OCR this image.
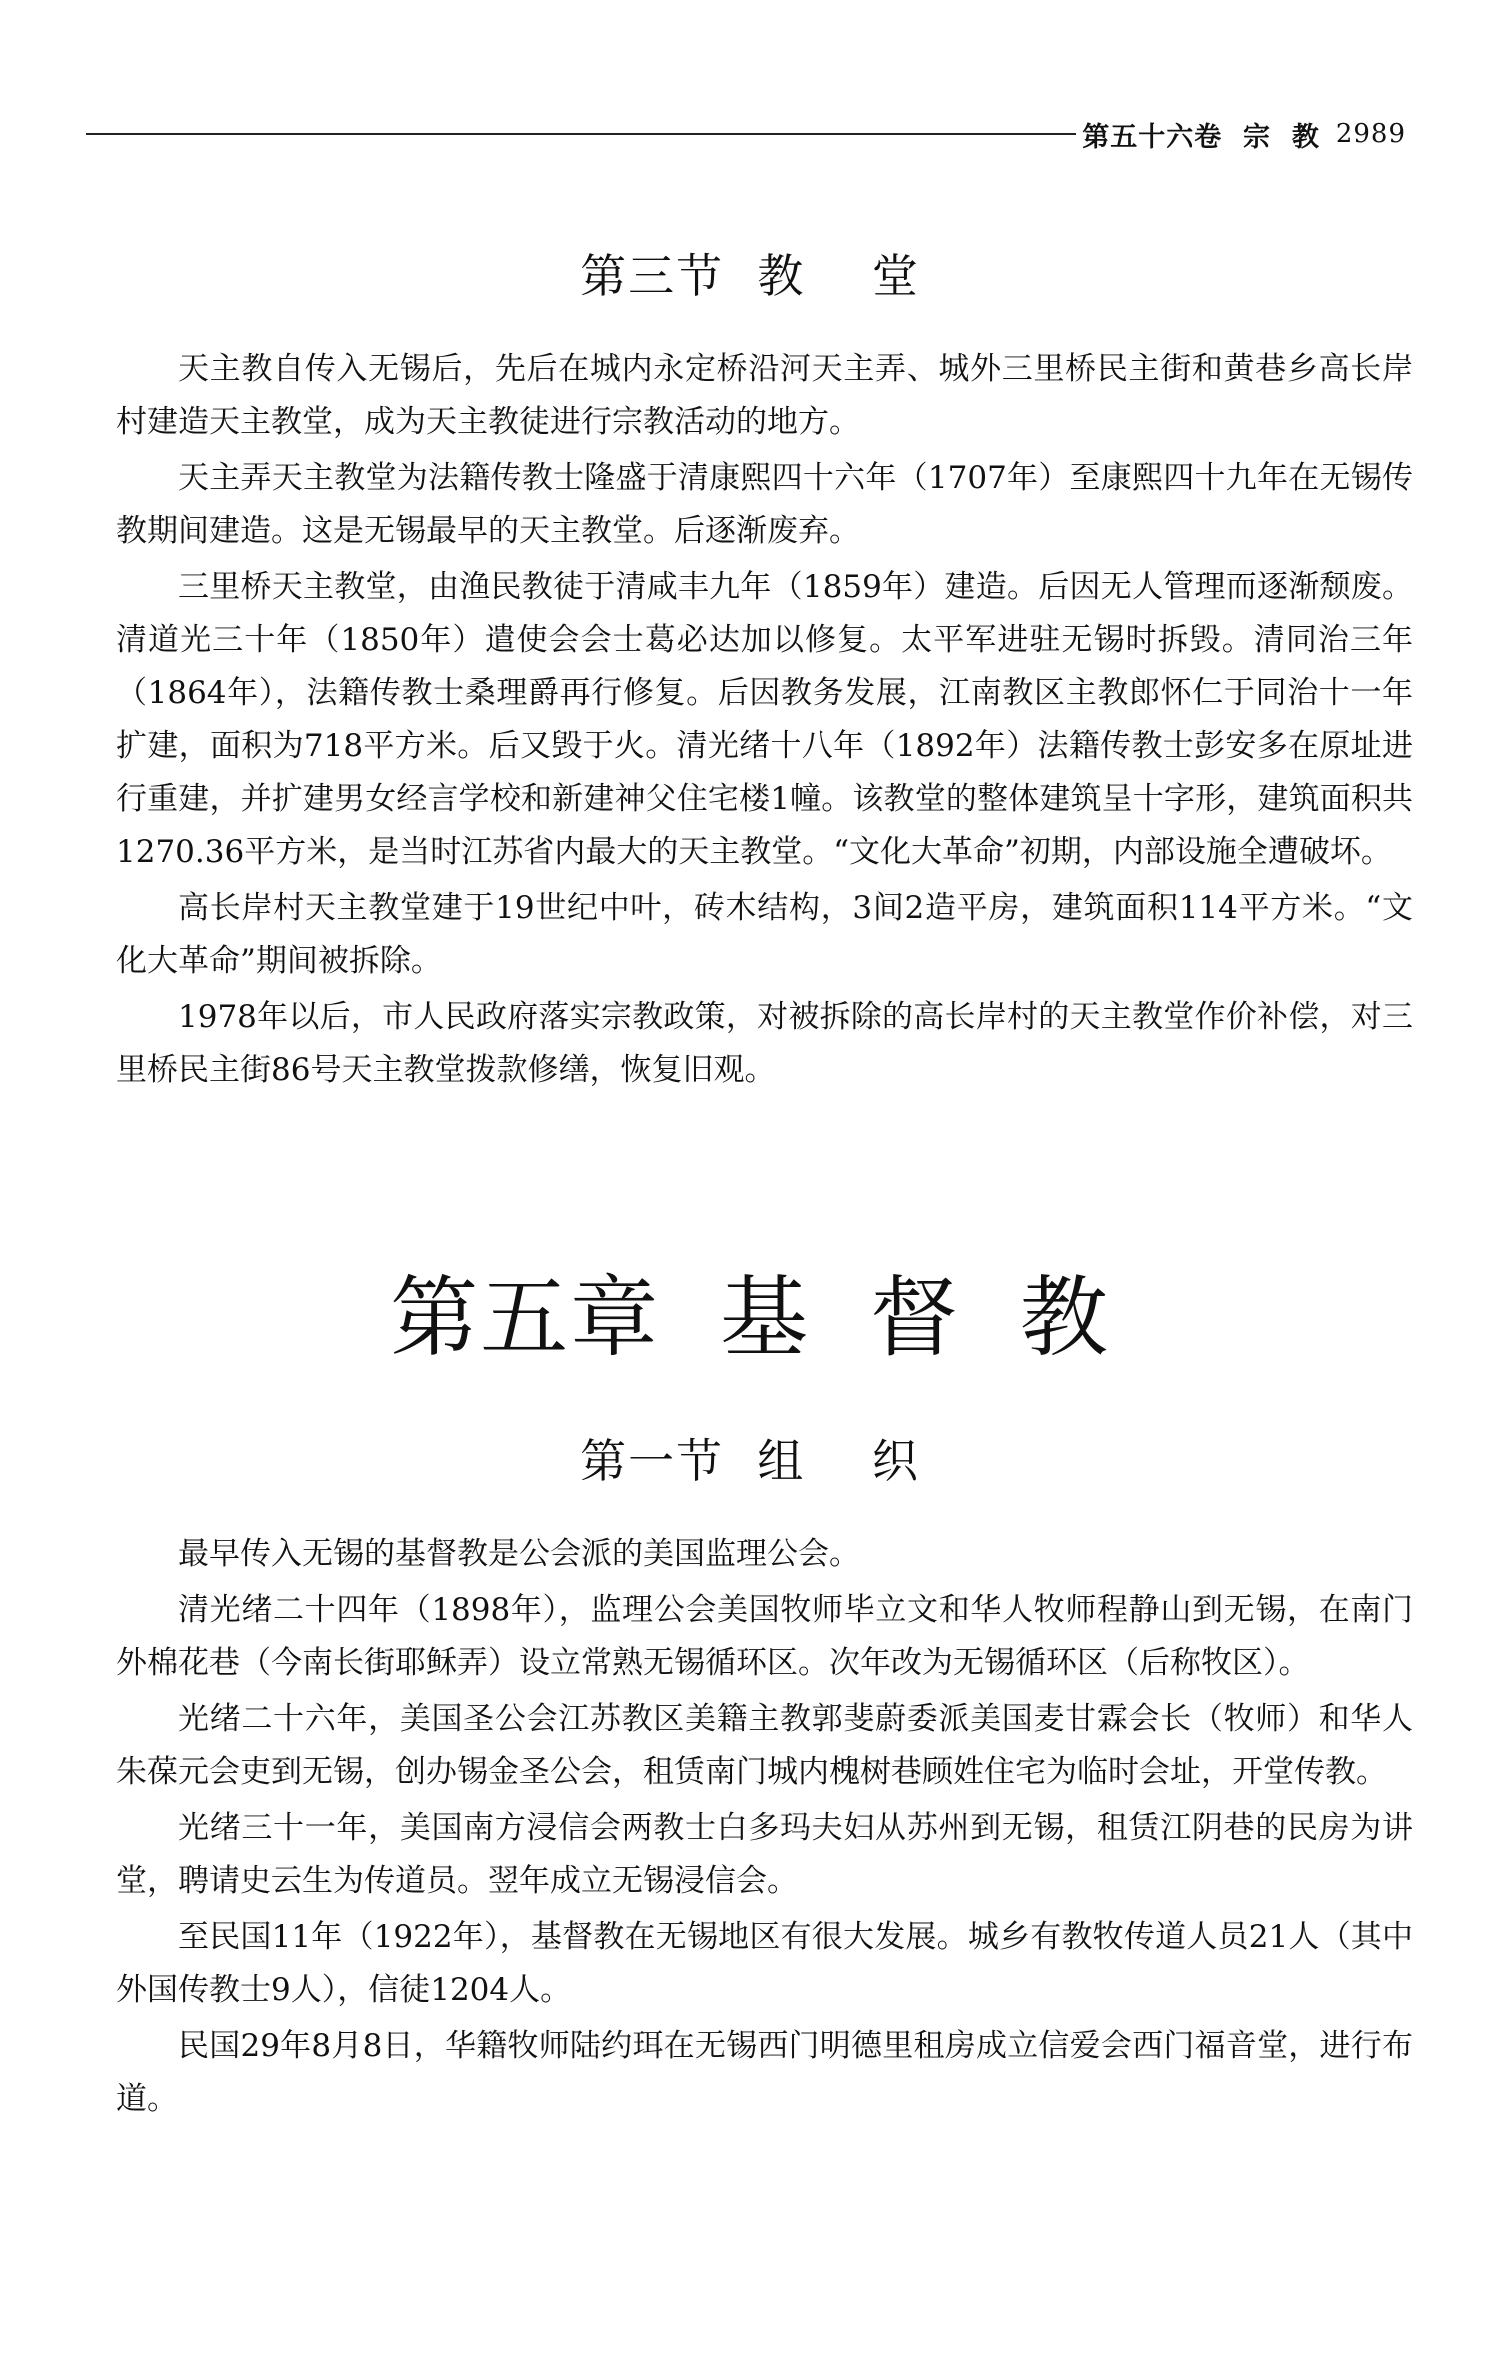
第五十六卷  宗  教 2989
第三节  教    堂

天主教自传入无锡后，先后在城内永定桥沿河天主弄、城外三里桥民主街和黄巷乡高长岸村建造天主教堂，成为天主教徒进行宗教活动的地方。

天主弄天主教堂为法籍传教士隆盛于清康熙四十六年（1707年）至康熙四十九年在无锡传教期间建造。这是无锡最早的天主教堂。后逐渐废弃。

三里桥天主教堂，由渔民教徒于清咸丰九年（1859年）建造。后因无人管理而逐渐颓废。清道光三十年（1850年）遣使会会士葛必达加以修复。太平军进驻无锡时拆毁。清同治三年（1864年），法籍传教士桑理爵再行修复。后因教务发展，江南教区主教郎怀仁于同治十一年扩建，面积为718平方米。后又毁于火。清光绪十八年（1892年）法籍传教士彭安多在原址进行重建，并扩建男女经言学校和新建神父住宅楼1幢。该教堂的整体建筑呈十字形，建筑面积共1270.36平方米，是当时江苏省内最大的天主教堂。“文化大革命”初期，内部设施全遭破坏。

高长岸村天主教堂建于19世纪中叶，砖木结构，3间2造平房，建筑面积114平方米。“文化大革命”期间被拆除。

1978年以后，市人民政府落实宗教政策，对被拆除的高长岸村的天主教堂作价补偿，对三里桥民主街86号天主教堂拨款修缮，恢复旧观。

第五章  基  督  教
第一节  组    织

最早传入无锡的基督教是公会派的美国监理公会。

清光绪二十四年（1898年），监理公会美国牧师毕立文和华人牧师程静山到无锡，在南门外棉花巷（今南长街耶稣弄）设立常熟无锡循环区。次年改为无锡循环区（后称牧区）。

光绪二十六年，美国圣公会江苏教区美籍主教郭斐蔚委派美国麦甘霖会长（牧师）和华人朱葆元会吏到无锡，创办锡金圣公会，租赁南门城内槐树巷顾姓住宅为临时会址，开堂传教。

光绪三十一年，美国南方浸信会两教士白多玛夫妇从苏州到无锡，租赁江阴巷的民房为讲堂，聘请史云生为传道员。翌年成立无锡浸信会。

至民国11年（1922年），基督教在无锡地区有很大发展。城乡有教牧传道人员21人（其中外国传教士9人），信徒1204人。

民国29年8月8日，华籍牧师陆约珥在无锡西门明德里租房成立信爱会西门福音堂，进行布道。
